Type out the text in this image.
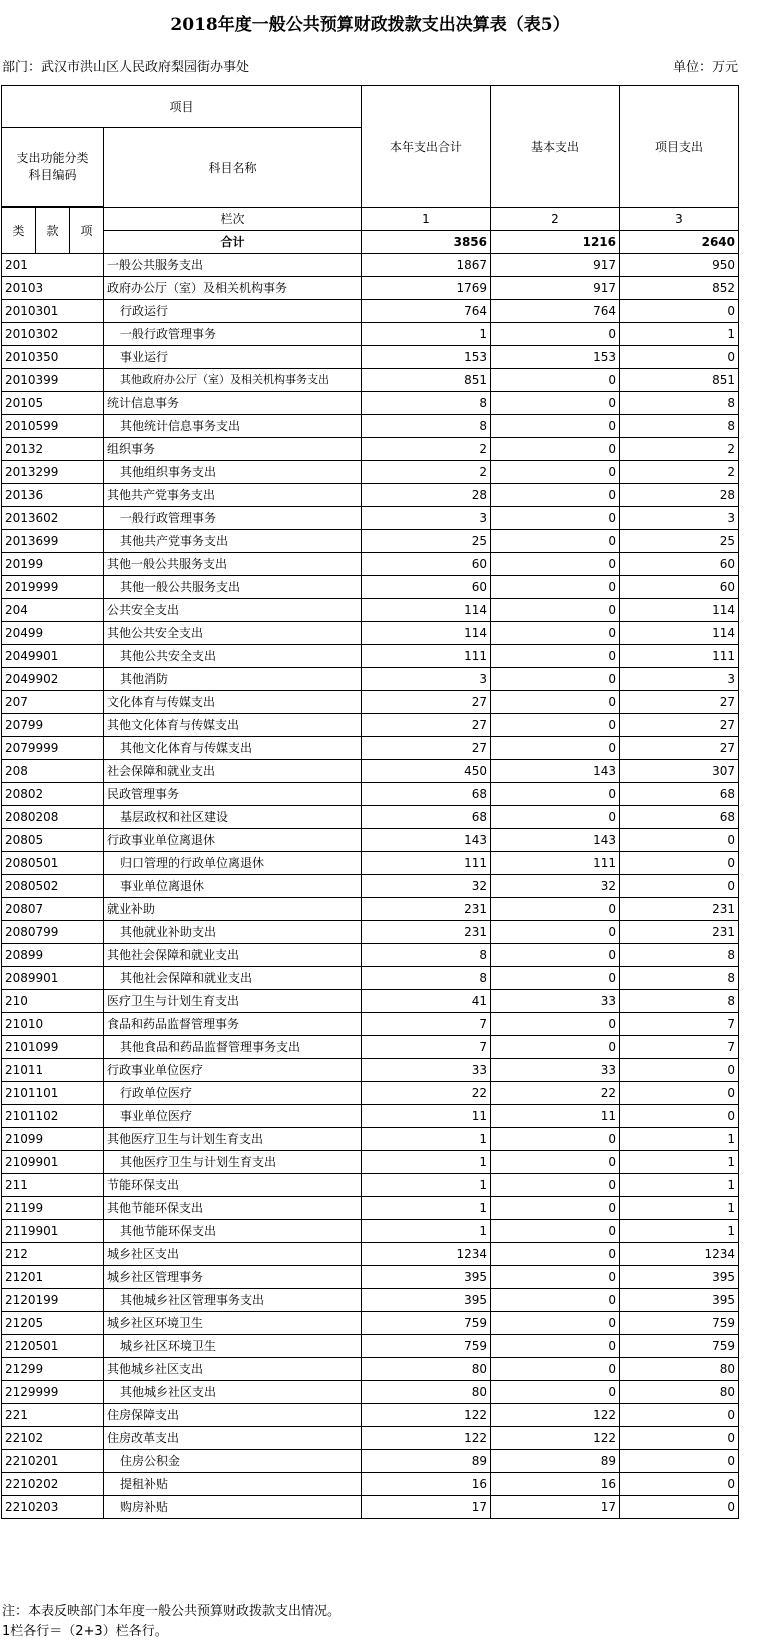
2018年度一般公共预算财政拨款支出决算表（表5）
部门：武汉市洪山区人民政府梨园街办事处	单位：万元
项目				本年支出合计	基本支出	项目支出
支出功能分类科目编码			科目名称			

类	款	项	栏次	1	2	3
			合计	3856	1216	2640
201			一般公共服务支出	1867	917	950
20103			政府办公厅（室）及相关机构事务	1769	917	852
2010301			行政运行	764	764	0
2010302			一般行政管理事务	1	0	1
2010350			事业运行	153	153	0
2010399			其他政府办公厅（室）及相关机构事务支出	851	0	851
20105			统计信息事务	8	0	8
2010599			其他统计信息事务支出	8	0	8
20132			组织事务	2	0	2
2013299			其他组织事务支出	2	0	2
20136			其他共产党事务支出	28	0	28
2013602			一般行政管理事务	3	0	3
2013699			其他共产党事务支出	25	0	25
20199			其他一般公共服务支出	60	0	60
2019999			其他一般公共服务支出	60	0	60
204			公共安全支出	114	0	114
20499			其他公共安全支出	114	0	114
2049901			其他公共安全支出	111	0	111
2049902			其他消防	3	0	3
207			文化体育与传媒支出	27	0	27
20799			其他文化体育与传媒支出	27	0	27
2079999			其他文化体育与传媒支出	27	0	27
208			社会保障和就业支出	450	143	307
20802			民政管理事务	68	0	68
2080208			基层政权和社区建设	68	0	68
20805			行政事业单位离退休	143	143	0
2080501			归口管理的行政单位离退休	111	111	0
2080502			事业单位离退休	32	32	0
20807			就业补助	231	0	231
2080799			其他就业补助支出	231	0	231
20899			其他社会保障和就业支出	8	0	8
2089901			其他社会保障和就业支出	8	0	8
210			医疗卫生与计划生育支出	41	33	8
21010			食品和药品监督管理事务	7	0	7
2101099			其他食品和药品监督管理事务支出	7	0	7
21011			行政事业单位医疗	33	33	0
2101101			行政单位医疗	22	22	0
2101102			事业单位医疗	11	11	0
21099			其他医疗卫生与计划生育支出	1	0	1
2109901			其他医疗卫生与计划生育支出	1	0	1
211			节能环保支出	1	0	1
21199			其他节能环保支出	1	0	1
2119901			其他节能环保支出	1	0	1
212			城乡社区支出	1234	0	1234
21201			城乡社区管理事务	395	0	395
2120199			其他城乡社区管理事务支出	395	0	395
21205			城乡社区环境卫生	759	0	759
2120501			城乡社区环境卫生	759	0	759
21299			其他城乡社区支出	80	0	80
2129999			其他城乡社区支出	80	0	80
221			住房保障支出	122	122	0
22102			住房改革支出	122	122	0
2210201			住房公积金	89	89	0
2210202			提租补贴	16	16	0
2210203			购房补贴	17	17	0
注：本表反映部门本年度一般公共预算财政拨款支出情况。
1栏各行＝（2+3）栏各行。
